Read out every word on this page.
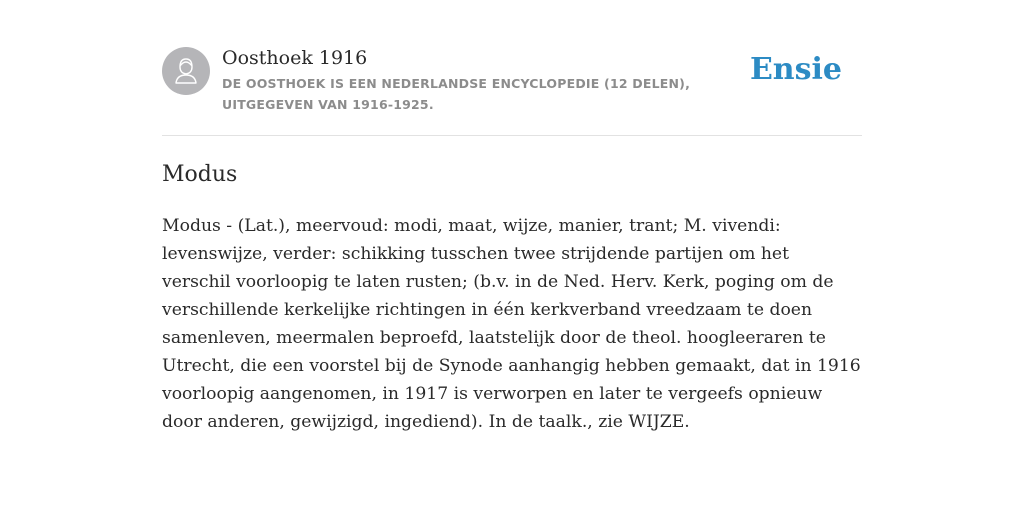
Oosthoek 1916
DE OOSTHOEK IS EEN NEDERLANDSE ENCYCLOPEDIE (12 DELEN), UITGEGEVEN VAN 1916-1925.
Ensie
Modus

Modus - (Lat.), meervoud: modi, maat, wijze, manier, trant; M. vivendi: levenswijze, verder: schikking tusschen twee strijdende partijen om het verschil voorloopig te laten rusten; (b.v. in de Ned. Herv. Kerk, poging om de verschillende kerkelijke richtingen in één kerkverband vreedzaam te doen samenleven, meermalen beproefd, laatstelijk door de theol. hoogleeraren te Utrecht, die een voorstel bij de Synode aanhangig hebben gemaakt, dat in 1916 voorloopig aangenomen, in 1917 is verworpen en later te vergeefs opnieuw door anderen, gewijzigd, ingediend). In de taalk., zie WIJZE.
